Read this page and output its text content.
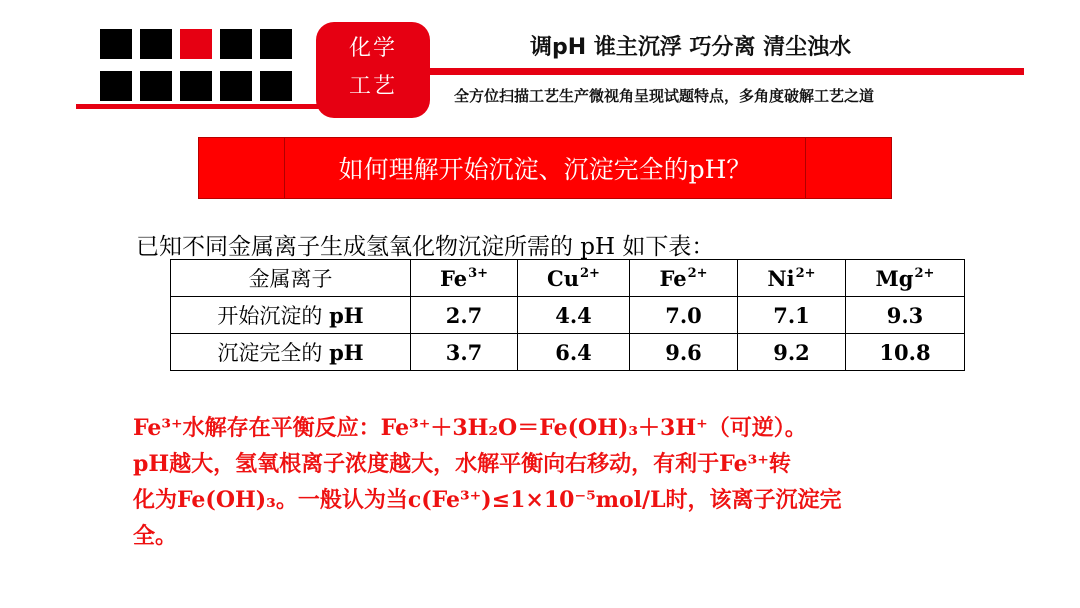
化学
工艺
调pH 谁主沉浮 巧分离 清尘浊水
全方位扫描工艺生产微视角呈现试题特点，多角度破解工艺之道
如何理解开始沉淀、沉淀完全的pH？
已知不同金属离子生成氢氧化物沉淀所需的 pH 如下表：
金属离子	$Fe^{3+}$	$Cu^{2+}$	$Fe^{2+}$	$Ni^{2+}$	$Mg^{2+}$
开始沉淀的 pH	2.7	4.4	7.0	7.1	9.3
沉淀完全的 pH	3.7	6.4	9.6	9.2	10.8
Fe³⁺水解存在平衡反应：Fe³⁺＋3H₂O＝Fe(OH)₃＋3H⁺（可逆）。
pH越大，氢氧根离子浓度越大，水解平衡向右移动，有利于Fe³⁺转
化为Fe(OH)₃。一般认为当c(Fe³⁺)≤1×10⁻⁵mol/L时，该离子沉淀完
全。
